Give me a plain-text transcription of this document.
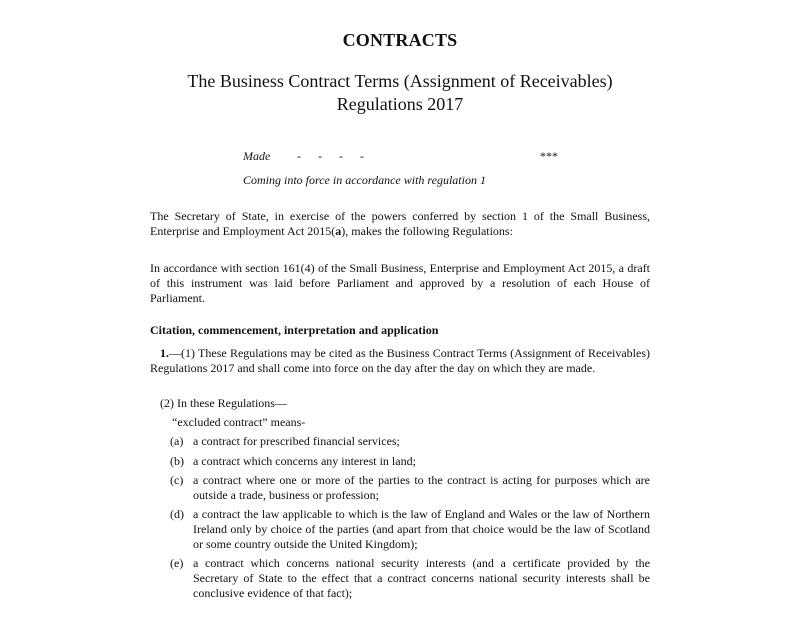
CONTRACTS
The Business Contract Terms (Assignment of Receivables)
Regulations 2017
Made - - - -	***
Coming into force in accordance with regulation 1
The Secretary of State, in exercise of the powers conferred by section 1 of the Small Business, Enterprise and Employment Act 2015(a), makes the following Regulations:
In accordance with section 161(4) of the Small Business, Enterprise and Employment Act 2015, a draft of this instrument was laid before Parliament and approved by a resolution of each House of Parliament.
Citation, commencement, interpretation and application
1.—(1) These Regulations may be cited as the Business Contract Terms (Assignment of Receivables) Regulations 2017 and shall come into force on the day after the day on which they are made.
(2) In these Regulations—
“excluded contract” means-
(a) a contract for prescribed financial services;
(b) a contract which concerns any interest in land;
(c) a contract where one or more of the parties to the contract is acting for purposes which are outside a trade, business or profession;
(d) a contract the law applicable to which is the law of England and Wales or the law of Northern Ireland only by choice of the parties (and apart from that choice would be the law of Scotland or some country outside the United Kingdom);
(e) a contract which concerns national security interests (and a certificate provided by the Secretary of State to the effect that a contract concerns national security interests shall be conclusive evidence of that fact);
